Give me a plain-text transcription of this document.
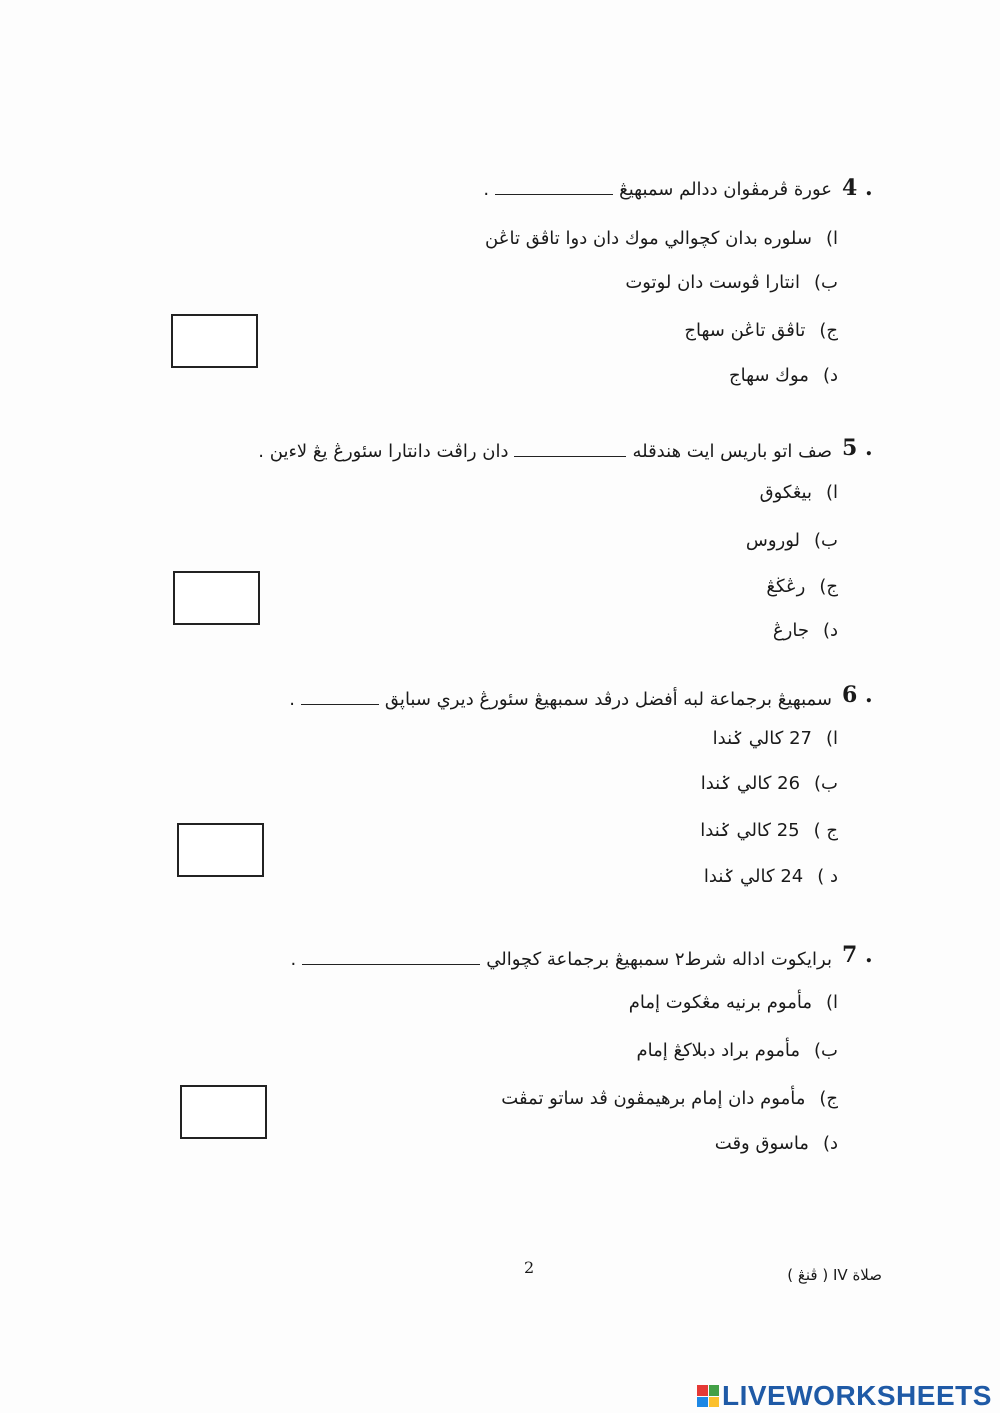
4 .
عورة ڤرمڤوان ددالم سمبهيڠ.
ا)سلوره بدان کچوالي موك دان دوا تاڤق تاڠن
ب)انتارا ڤوست دان لوتوت
ج)تاڤق تاڠن سهاج
د)موك سهاج
5 .
صف اتو باريس ايت هندقلهدان راڤت دانتارا سئورڠ يڠ لاءين .
ا)بيڠکوق
ب)لوروس
ج)رڠڬڠ
د)جارڠ
6 .
سمبهيڠ برجماعة لبه أفضل درڤد سمبهيڠ سئورڠ ديري سباڽق.
ا)27 کالي ݢندا
ب)26 کالي ݢندا
ج )25 کالي ݢندا
د )24 کالي ݢندا
7 .
برايکوت اداله شرط٢ سمبهيڠ برجماعة کچوالي.
ا)مأموم برنيه مڠکوت إمام
ب)مأموم براد دبلاکڠ إمام
ج)مأموم دان إمام برهيمڤون ڤد ساتو تمڤت
د)ماسوق وقت
2	صلاة IV ( ڤنڠ )
LIVEWORKSHEETS
